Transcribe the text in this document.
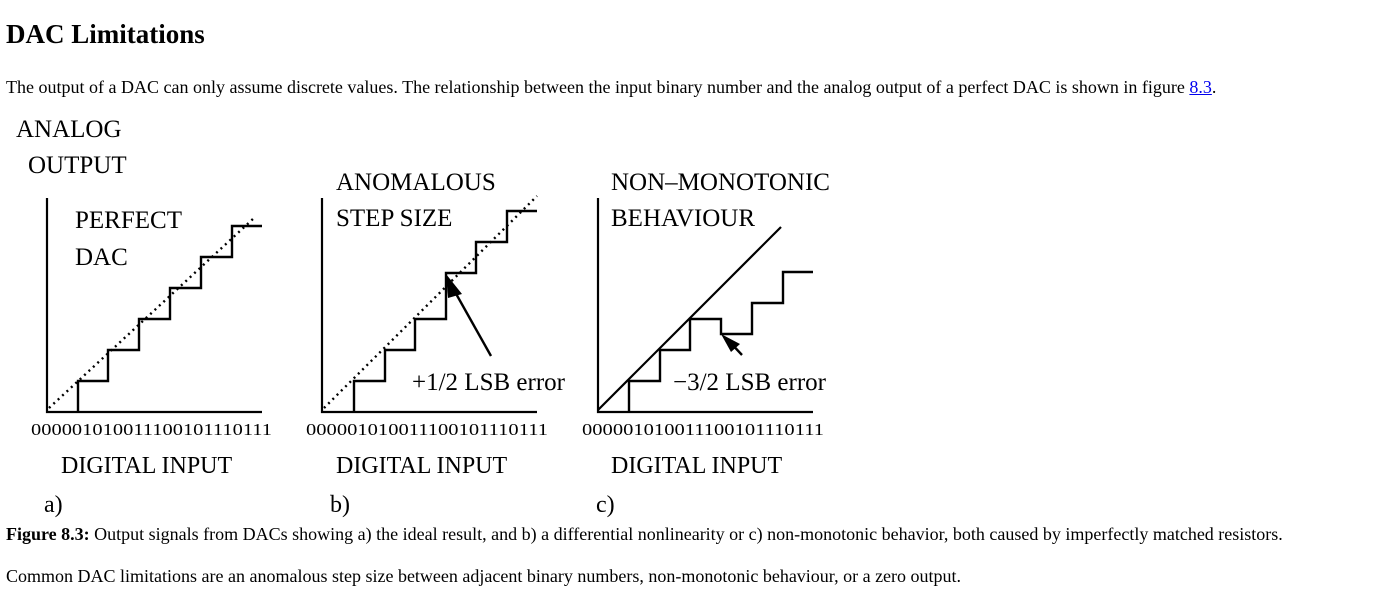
DAC Limitations

The output of a DAC can only assume discrete values. The relationship between the input binary number and the analog output of a perfect DAC is shown in figure 8.3.

ANALOG
OUTPUT
PERFECT
DAC
000001010011100101110111
DIGITAL INPUT
a)
ANOMALOUS
STEP SIZE
+1/2 LSB error
000001010011100101110111
DIGITAL INPUT
b)
NON–MONOTONIC
BEHAVIOUR
−3/2 LSB error
000001010011100101110111
DIGITAL INPUT
c)

Figure 8.3: Output signals from DACs showing a) the ideal result, and b) a differential nonlinearity or c) non-monotonic behavior, both caused by imperfectly matched resistors.

Common DAC limitations are an anomalous step size between adjacent binary numbers, non-monotonic behaviour, or a zero output.
